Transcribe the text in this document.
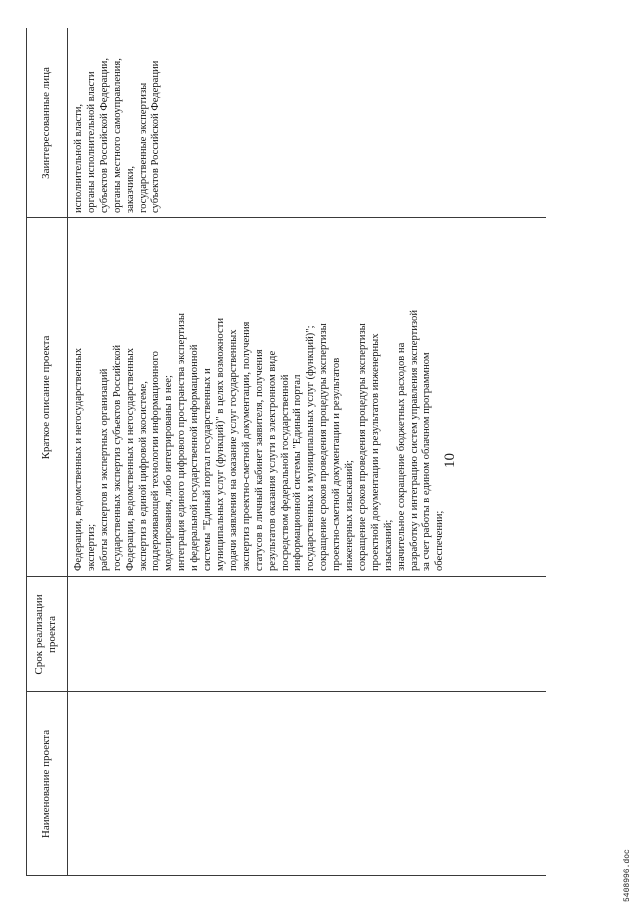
10
5408996.doc
Наименование проекта
Срок реализации проекта
Краткое описание проекта
Заинтересованные лица
Федерации, ведомственных и негосударственных экспертиз; работы экспертов и экспертных организаций государственных экспертиз субъектов Российской Федерации, ведомственных и негосударственных экспертиз в единой цифровой экосистеме, поддерживающей технологии информационного моделирования, либо интегрированы в нее; интеграция единого цифрового пространства экспертизы и федеральной государственной информационной системы "Единый портал государственных и муниципальных услуг (функций)" в целях возможности подачи заявления на оказание услуг государственных экспертиз проектно-сметной документации, получения статусов в личный кабинет заявителя, получения результатов оказания услуги в электронном виде посредством федеральной государственной информационной системы "Единый портал государственных и муниципальных услуг (функций)"; сокращение сроков проведения процедуры экспертизы проектно-сметной документации и результатов инженерных изысканий; сокращение сроков проведения процедуры экспертизы проектной документации и результатов инженерных изысканий; значительное сокращение бюджетных расходов на разработку и интеграцию систем управления экспертизой за счет работы в едином облачном программном обеспечении;
исполнительной власти, органы исполнительной власти субъектов Российской Федерации, органы местного самоуправления, заказчики, государственные экспертизы субъектов Российской Федерации
